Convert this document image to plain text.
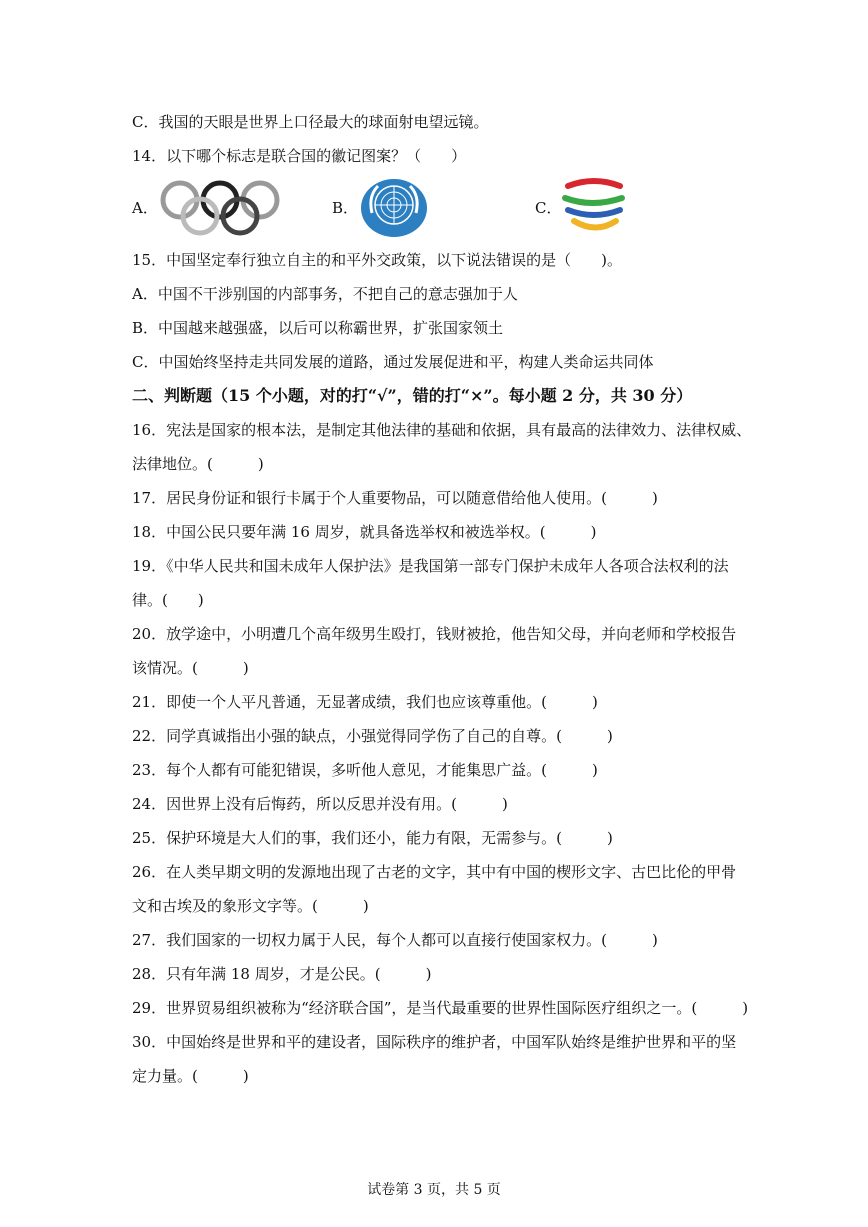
C．我国的天眼是世界上口径最大的球面射电望远镜。
14．以下哪个标志是联合国的徽记图案？（　　）
A．	B．	C．
15．中国坚定奉行独立自主的和平外交政策，以下说法错误的是（　　)。
A．中国不干涉别国的内部事务，不把自己的意志强加于人
B．中国越来越强盛，以后可以称霸世界，扩张国家领土
C．中国始终坚持走共同发展的道路，通过发展促进和平，构建人类命运共同体
二、判断题（15 个小题，对的打“√”，错的打“×”。每小题 2 分，共 30 分）
16．宪法是国家的根本法，是制定其他法律的基础和依据，具有最高的法律效力、法律权威、
法律地位。(　　　)
17．居民身份证和银行卡属于个人重要物品，可以随意借给他人使用。(　　　)
18．中国公民只要年满 16 周岁，就具备选举权和被选举权。(　　　)
19．《中华人民共和国未成年人保护法》是我国第一部专门保护未成年人各项合法权利的法
律。(　　)
20．放学途中，小明遭几个高年级男生殴打，钱财被抢，他告知父母，并向老师和学校报告
该情况。(　　　)
21．即使一个人平凡普通，无显著成绩，我们也应该尊重他。(　　　)
22．同学真诚指出小强的缺点，小强觉得同学伤了自己的自尊。(　　　)
23．每个人都有可能犯错误，多听他人意见，才能集思广益。(　　　)
24．因世界上没有后悔药，所以反思并没有用。(　　　)
25．保护环境是大人们的事，我们还小，能力有限，无需参与。(　　　)
26．在人类早期文明的发源地出现了古老的文字，其中有中国的楔形文字、古巴比伦的甲骨
文和古埃及的象形文字等。(　　　)
27．我们国家的一切权力属于人民，每个人都可以直接行使国家权力。(　　　)
28．只有年满 18 周岁，才是公民。(　　　)
29．世界贸易组织被称为“经济联合国”，是当代最重要的世界性国际医疗组织之一。(　　　)
30．中国始终是世界和平的建设者，国际秩序的维护者，中国军队始终是维护世界和平的坚
定力量。(　　　)
试卷第 3 页，共 5 页
